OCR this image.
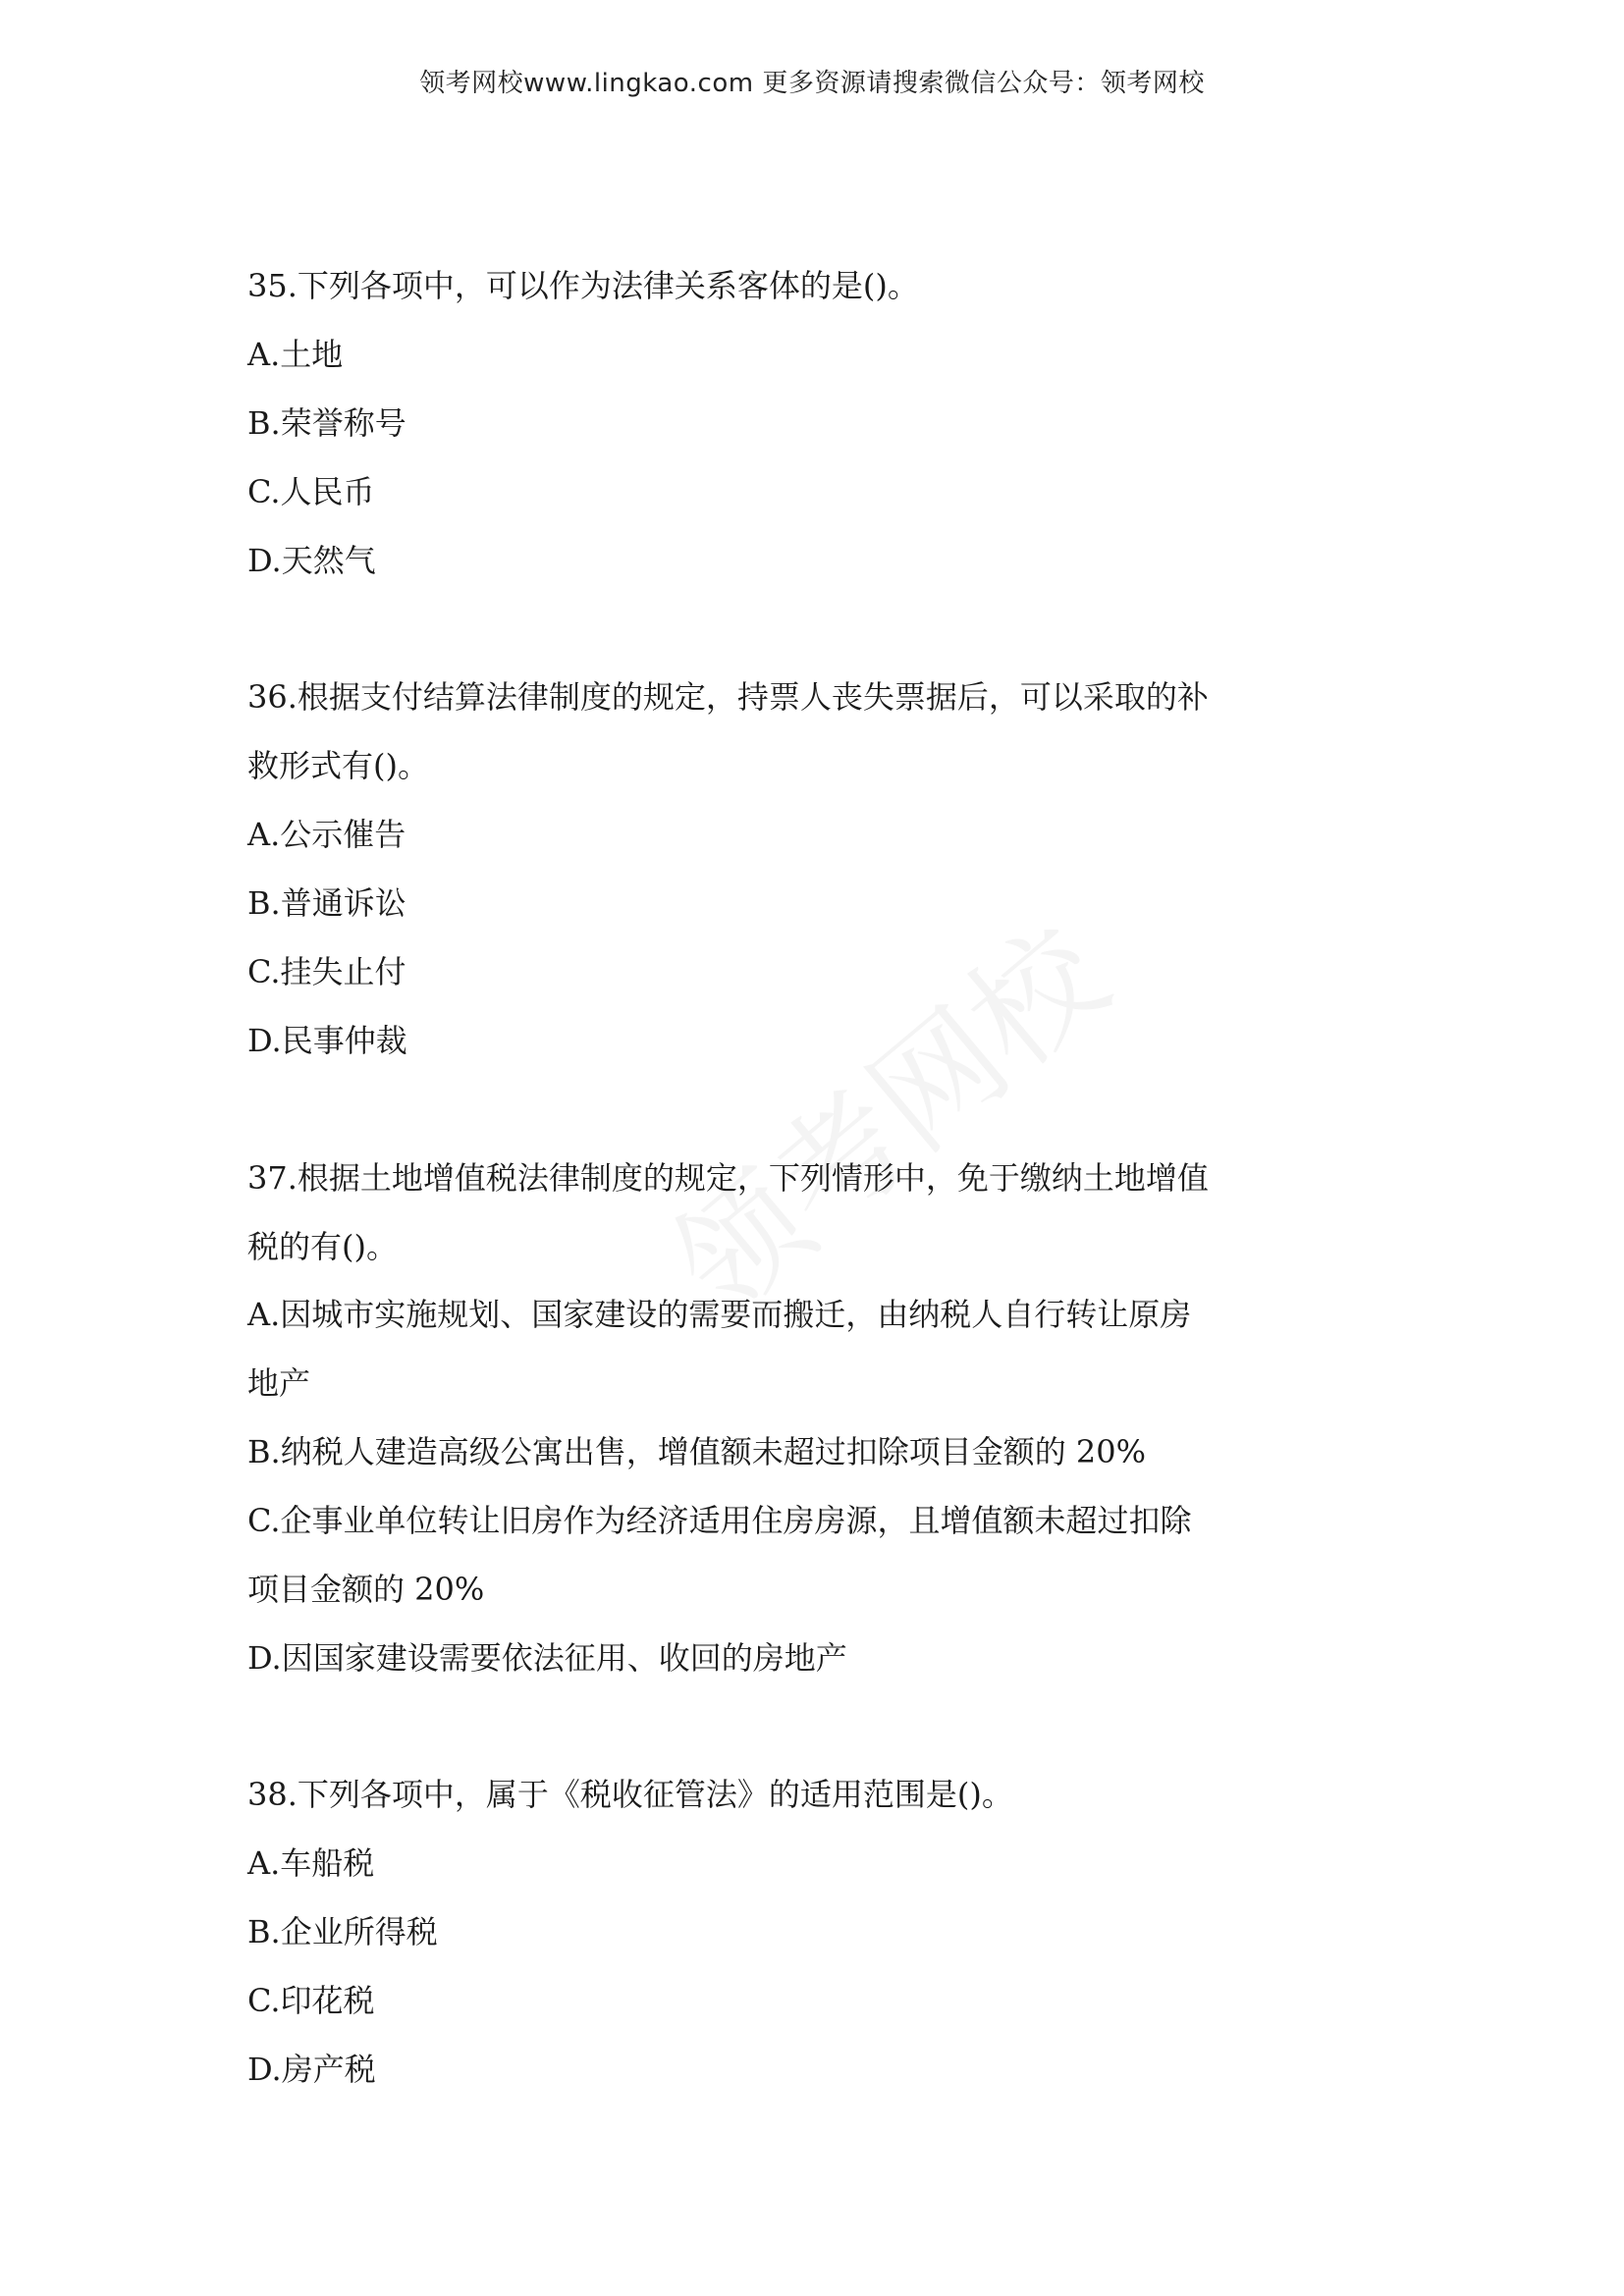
领考网校www.lingkao.com 更多资源请搜索微信公众号：领考网校
35.下列各项中，可以作为法律关系客体的是()。
A.土地
B.荣誉称号
C.人民币
D.天然气
36.根据支付结算法律制度的规定，持票人丧失票据后，可以采取的补
救形式有()。
A.公示催告
B.普通诉讼
C.挂失止付
D.民事仲裁
37.根据土地增值税法律制度的规定，下列情形中，免于缴纳土地增值
税的有()。
A.因城市实施规划、国家建设的需要而搬迁，由纳税人自行转让原房
地产
B.纳税人建造高级公寓出售，增值额未超过扣除项目金额的 20%
C.企事业单位转让旧房作为经济适用住房房源，且增值额未超过扣除
项目金额的 20%
D.因国家建设需要依法征用、收回的房地产
38.下列各项中，属于《税收征管法》的适用范围是()。
A.车船税
B.企业所得税
C.印花税
D.房产税
